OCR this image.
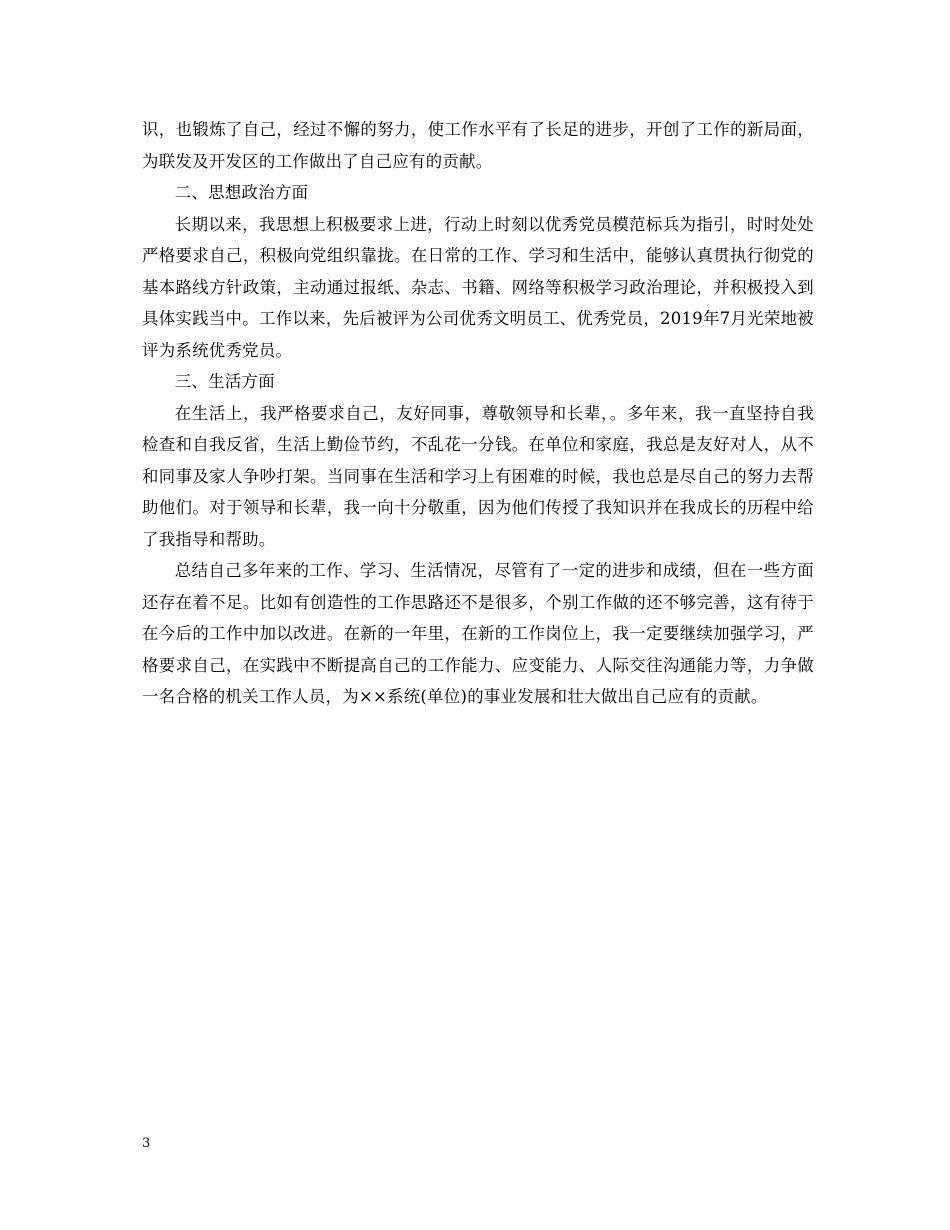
识，也锻炼了自己，经过不懈的努力，使工作水平有了长足的进步，开创了工作的新局面，为联发及开发区的工作做出了自己应有的贡献。

二、思想政治方面

长期以来，我思想上积极要求上进，行动上时刻以优秀党员模范标兵为指引，时时处处严格要求自己，积极向党组织靠拢。在日常的工作、学习和生活中，能够认真贯执行彻党的基本路线方针政策，主动通过报纸、杂志、书籍、网络等积极学习政治理论，并积极投入到具体实践当中。工作以来，先后被评为公司优秀文明员工、优秀党员，2019年7月光荣地被评为系统优秀党员。

三、生活方面

在生活上，我严格要求自己，友好同事，尊敬领导和长辈，。多年来，我一直坚持自我检查和自我反省，生活上勤俭节约，不乱花一分钱。在单位和家庭，我总是友好对人，从不和同事及家人争吵打架。当同事在生活和学习上有困难的时候，我也总是尽自己的努力去帮助他们。对于领导和长辈，我一向十分敬重，因为他们传授了我知识并在我成长的历程中给了我指导和帮助。

总结自己多年来的工作、学习、生活情况，尽管有了一定的进步和成绩，但在一些方面还存在着不足。比如有创造性的工作思路还不是很多，个别工作做的还不够完善，这有待于在今后的工作中加以改进。在新的一年里，在新的工作岗位上，我一定要继续加强学习，严格要求自己，在实践中不断提高自己的工作能力、应变能力、人际交往沟通能力等，力争做一名合格的机关工作人员，为××系统(单位)的事业发展和壮大做出自己应有的贡献。

3
